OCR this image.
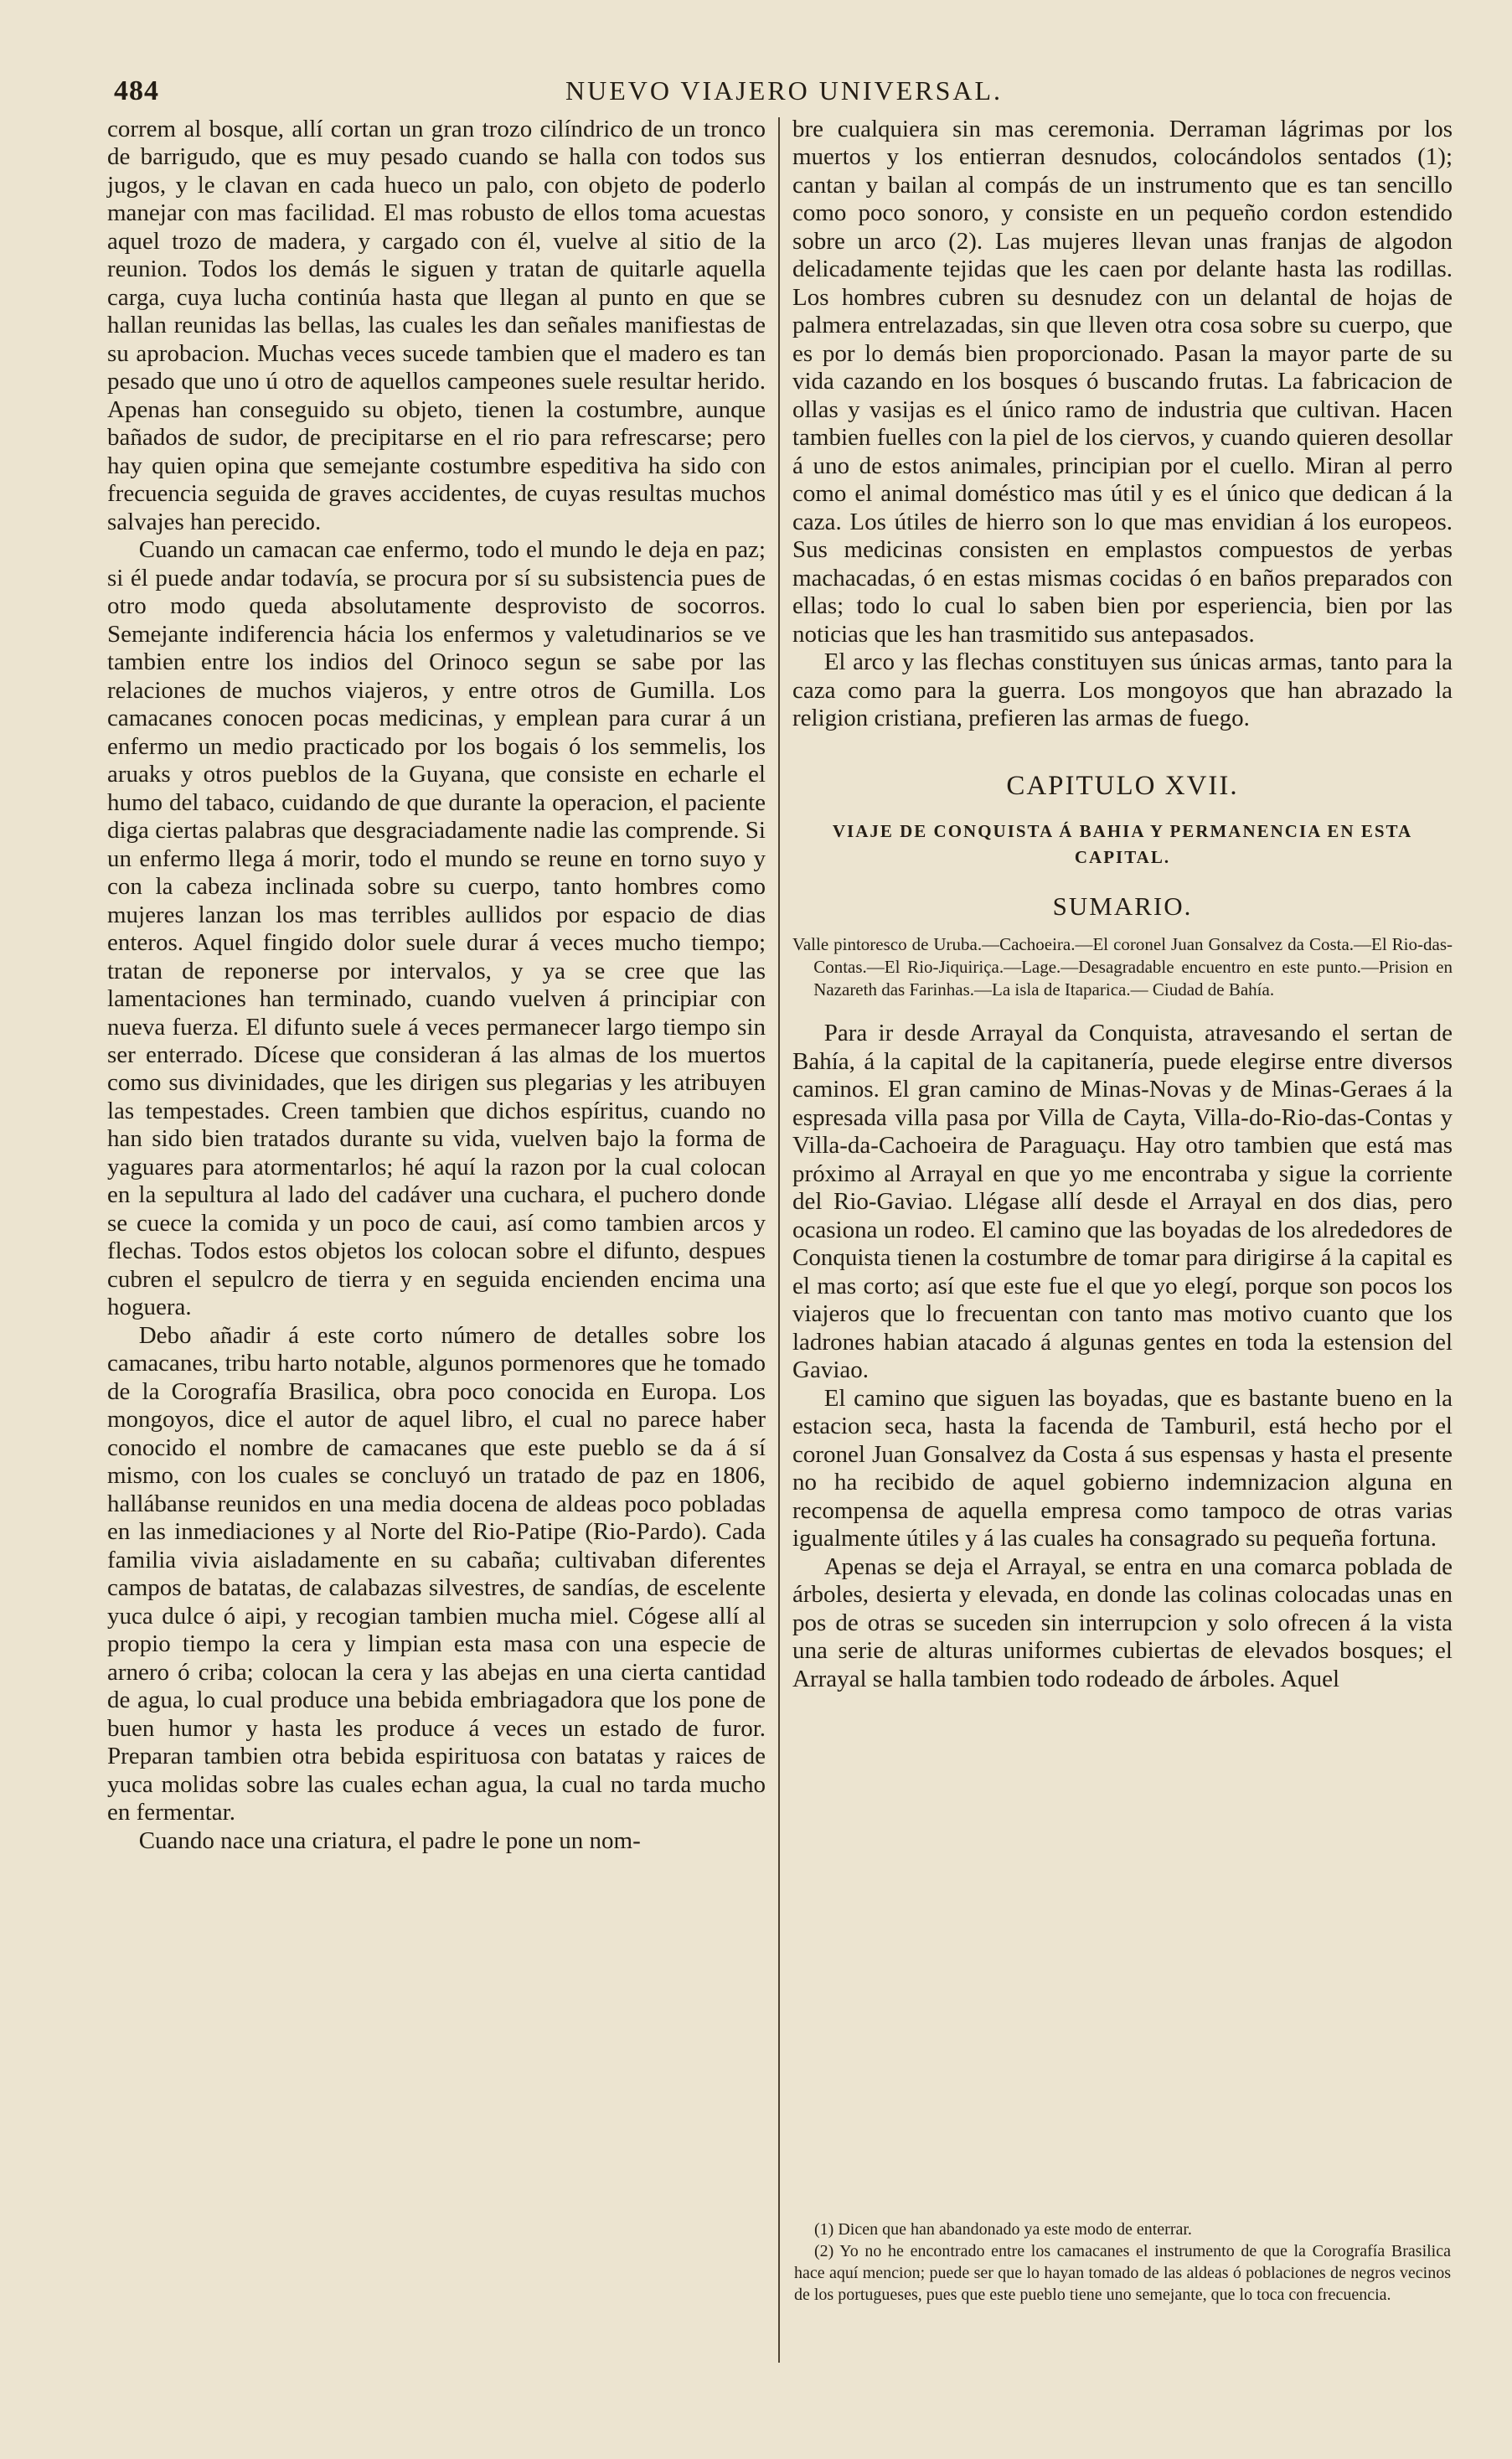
484	NUEVO VIAJERO UNIVERSAL.

correm al bosque, allí cortan un gran trozo cilíndrico de un tronco de barrigudo, que es muy pesado cuando se halla con todos sus jugos, y le clavan en cada hueco un palo, con objeto de poderlo manejar con mas facilidad. El mas robusto de ellos toma acuestas aquel trozo de madera, y cargado con él, vuelve al sitio de la reunion. Todos los demás le siguen y tratan de quitarle aquella carga, cuya lucha continúa hasta que llegan al punto en que se hallan reunidas las bellas, las cuales les dan señales manifiestas de su aprobacion. Muchas veces sucede tambien que el madero es tan pesado que uno ú otro de aquellos campeones suele resultar herido. Apenas han conseguido su objeto, tienen la costumbre, aunque bañados de sudor, de precipitarse en el rio para refrescarse; pero hay quien opina que semejante costumbre espeditiva ha sido con frecuencia seguida de graves accidentes, de cuyas resultas muchos salvajes han perecido.

Cuando un camacan cae enfermo, todo el mundo le deja en paz; si él puede andar todavía, se procura por sí su subsistencia pues de otro modo queda absolutamente desprovisto de socorros. Semejante indiferencia hácia los enfermos y valetudinarios se ve tambien entre los indios del Orinoco segun se sabe por las relaciones de muchos viajeros, y entre otros de Gumilla. Los camacanes conocen pocas medicinas, y emplean para curar á un enfermo un medio practicado por los bogais ó los semmelis, los aruaks y otros pueblos de la Guyana, que consiste en echarle el humo del tabaco, cuidando de que durante la operacion, el paciente diga ciertas palabras que desgraciadamente nadie las comprende. Si un enfermo llega á morir, todo el mundo se reune en torno suyo y con la cabeza inclinada sobre su cuerpo, tanto hombres como mujeres lanzan los mas terribles aullidos por espacio de dias enteros. Aquel fingido dolor suele durar á veces mucho tiempo; tratan de reponerse por intervalos, y ya se cree que las lamentaciones han terminado, cuando vuelven á principiar con nueva fuerza. El difunto suele á veces permanecer largo tiempo sin ser enterrado. Dícese que consideran á las almas de los muertos como sus divinidades, que les dirigen sus plegarias y les atribuyen las tempestades. Creen tambien que dichos espíritus, cuando no han sido bien tratados durante su vida, vuelven bajo la forma de yaguares para atormentarlos; hé aquí la razon por la cual colocan en la sepultura al lado del cadáver una cuchara, el puchero donde se cuece la comida y un poco de caui, así como tambien arcos y flechas. Todos estos objetos los colocan sobre el difunto, despues cubren el sepulcro de tierra y en seguida encienden encima una hoguera.

Debo añadir á este corto número de detalles sobre los camacanes, tribu harto notable, algunos pormenores que he tomado de la Corografía Brasilica, obra poco conocida en Europa. Los mongoyos, dice el autor de aquel libro, el cual no parece haber conocido el nombre de camacanes que este pueblo se da á sí mismo, con los cuales se concluyó un tratado de paz en 1806, hallábanse reunidos en una media docena de aldeas poco pobladas en las inmediaciones y al Norte del Rio-Patipe (Rio-Pardo). Cada familia vivia aisladamente en su cabaña; cultivaban diferentes campos de batatas, de calabazas silvestres, de sandías, de escelente yuca dulce ó aipi, y recogian tambien mucha miel. Cógese allí al propio tiempo la cera y limpian esta masa con una especie de arnero ó criba; colocan la cera y las abejas en una cierta cantidad de agua, lo cual produce una bebida embriagadora que los pone de buen humor y hasta les produce á veces un estado de furor. Preparan tambien otra bebida espirituosa con batatas y raices de yuca molidas sobre las cuales echan agua, la cual no tarda mucho en fermentar.

Cuando nace una criatura, el padre le pone un nom-

bre cualquiera sin mas ceremonia. Derraman lágrimas por los muertos y los entierran desnudos, colocándolos sentados (1); cantan y bailan al compás de un instrumento que es tan sencillo como poco sonoro, y consiste en un pequeño cordon estendido sobre un arco (2). Las mujeres llevan unas franjas de algodon delicadamente tejidas que les caen por delante hasta las rodillas. Los hombres cubren su desnudez con un delantal de hojas de palmera entrelazadas, sin que lleven otra cosa sobre su cuerpo, que es por lo demás bien proporcionado. Pasan la mayor parte de su vida cazando en los bosques ó buscando frutas. La fabricacion de ollas y vasijas es el único ramo de industria que cultivan. Hacen tambien fuelles con la piel de los ciervos, y cuando quieren desollar á uno de estos animales, principian por el cuello. Miran al perro como el animal doméstico mas útil y es el único que dedican á la caza. Los útiles de hierro son lo que mas envidian á los europeos. Sus medicinas consisten en emplastos compuestos de yerbas machacadas, ó en estas mismas cocidas ó en baños preparados con ellas; todo lo cual lo saben bien por esperiencia, bien por las noticias que les han trasmitido sus antepasados.

El arco y las flechas constituyen sus únicas armas, tanto para la caza como para la guerra. Los mongoyos que han abrazado la religion cristiana, prefieren las armas de fuego.

CAPITULO XVII.
VIAJE DE CONQUISTA Á BAHIA Y PERMANENCIA EN ESTA CAPITAL.
SUMARIO.
Valle pintoresco de Uruba.—Cachoeira.—El coronel Juan Gonsalvez da Costa.—El Rio-das-Contas.—El Rio-Jiquiriça.—Lage.—Desagradable encuentro en este punto.—Prision en Nazareth das Farinhas.—La isla de Itaparica.— Ciudad de Bahía.

Para ir desde Arrayal da Conquista, atravesando el sertan de Bahía, á la capital de la capitanería, puede elegirse entre diversos caminos. El gran camino de Minas-Novas y de Minas-Geraes á la espresada villa pasa por Villa de Cayta, Villa-do-Rio-das-Contas y Villa-da-Cachoeira de Paraguaçu. Hay otro tambien que está mas próximo al Arrayal en que yo me encontraba y sigue la corriente del Rio-Gaviao. Llégase allí desde el Arrayal en dos dias, pero ocasiona un rodeo. El camino que las boyadas de los alrededores de Conquista tienen la costumbre de tomar para dirigirse á la capital es el mas corto; así que este fue el que yo elegí, porque son pocos los viajeros que lo frecuentan con tanto mas motivo cuanto que los ladrones habian atacado á algunas gentes en toda la estension del Gaviao.

El camino que siguen las boyadas, que es bastante bueno en la estacion seca, hasta la facenda de Tamburil, está hecho por el coronel Juan Gonsalvez da Costa á sus espensas y hasta el presente no ha recibido de aquel gobierno indemnizacion alguna en recompensa de aquella empresa como tampoco de otras varias igualmente útiles y á las cuales ha consagrado su pequeña fortuna.

Apenas se deja el Arrayal, se entra en una comarca poblada de árboles, desierta y elevada, en donde las colinas colocadas unas en pos de otras se suceden sin interrupcion y solo ofrecen á la vista una serie de alturas uniformes cubiertas de elevados bosques; el Arrayal se halla tambien todo rodeado de árboles. Aquel

(1) Dicen que han abandonado ya este modo de enterrar.

(2) Yo no he encontrado entre los camacanes el instrumento de que la Corografía Brasilica hace aquí mencion; puede ser que lo hayan tomado de las aldeas ó poblaciones de negros vecinos de los portugueses, pues que este pueblo tiene uno semejante, que lo toca con frecuencia.
